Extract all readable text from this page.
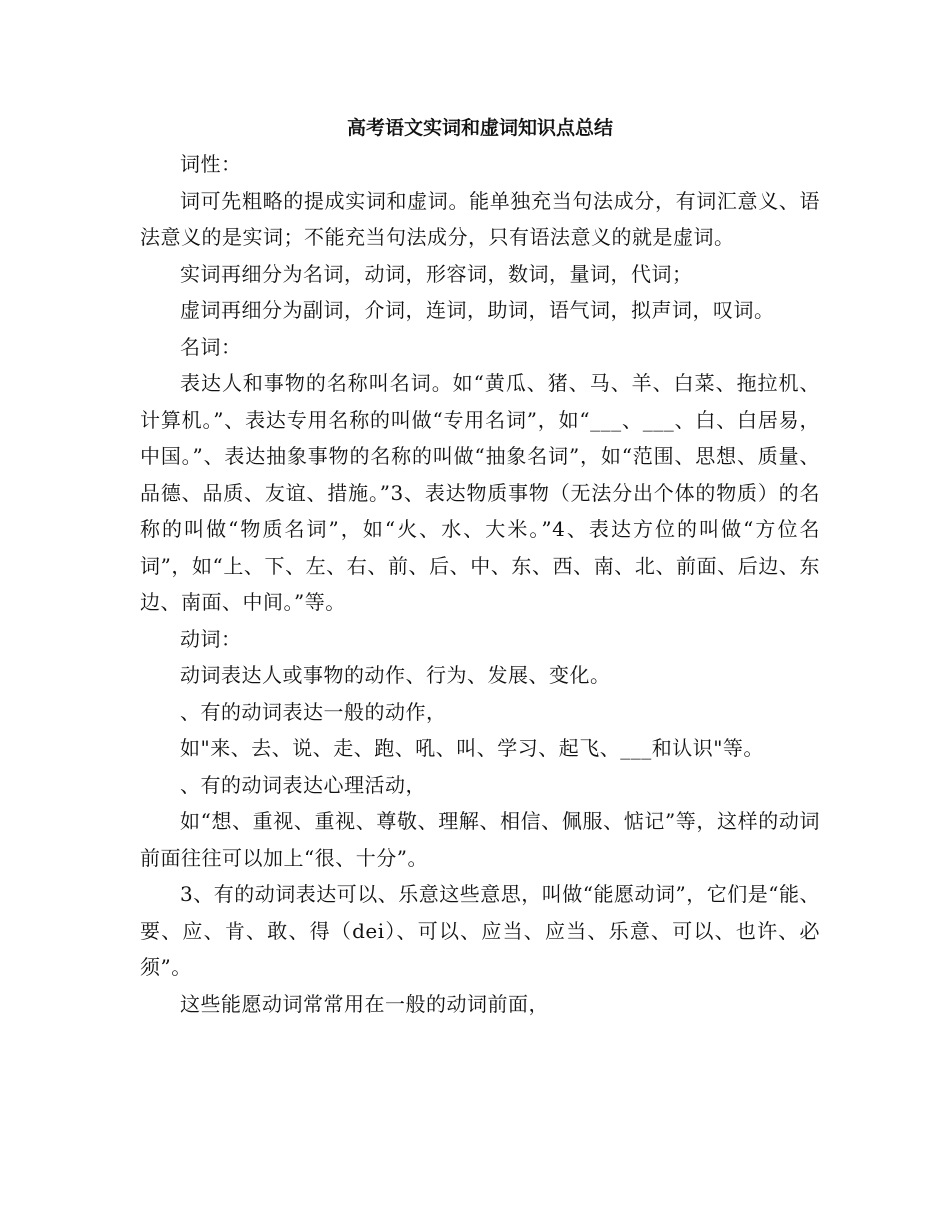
高考语文实词和虚词知识点总结

词性：

词可先粗略的提成实词和虚词。能单独充当句法成分，有词汇意义、语法意义的是实词；不能充当句法成分，只有语法意义的就是虚词。

实词再细分为名词，动词，形容词，数词，量词，代词；

虚词再细分为副词，介词，连词，助词，语气词，拟声词，叹词。

名词：

表达人和事物的名称叫名词。如“黄瓜、猪、马、羊、白菜、拖拉机、计算机。”、表达专用名称的叫做“专用名词”，如“___、___、白、白居易，中国。”、表达抽象事物的名称的叫做“抽象名词”，如“范围、思想、质量、品德、品质、友谊、措施。”3、表达物质事物（无法分出个体的物质）的名称的叫做“物质名词”，如“火、水、大米。”4、表达方位的叫做“方位名词”，如“上、下、左、右、前、后、中、东、西、南、北、前面、后边、东边、南面、中间。”等。

动词：

动词表达人或事物的动作、行为、发展、变化。

、有的动词表达一般的动作，

如"来、去、说、走、跑、吼、叫、学习、起飞、___和认识"等。

、有的动词表达心理活动，

如“想、重视、重视、尊敬、理解、相信、佩服、惦记”等，这样的动词前面往往可以加上“很、十分”。

3、有的动词表达可以、乐意这些意思，叫做“能愿动词”，它们是“能、要、应、肯、敢、得（dei）、可以、应当、应当、乐意、可以、也许、必须”。

这些能愿动词常常用在一般的动词前面，
